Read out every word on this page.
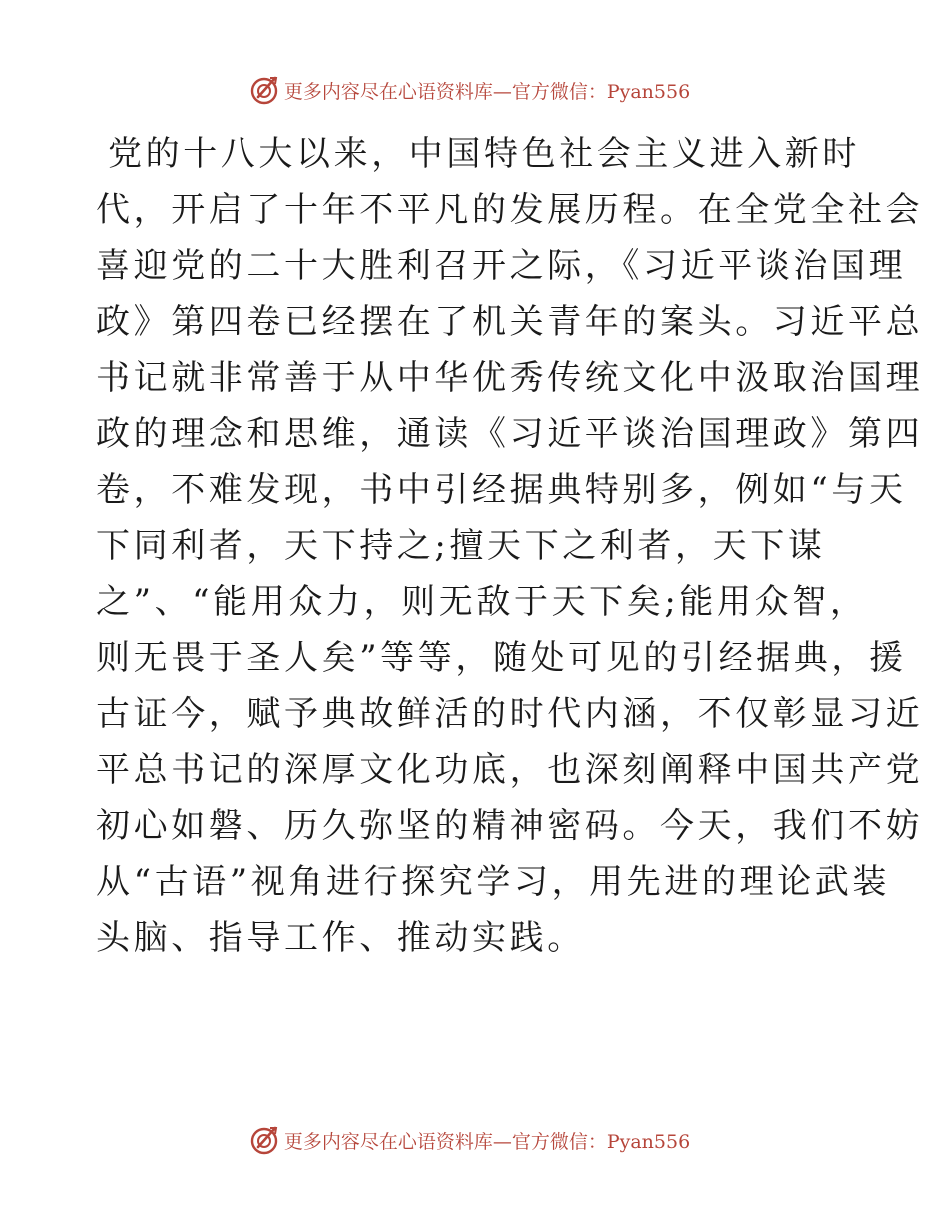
更多内容尽在心语资料库—官方微信：Pyan556
党的十八大以来，中国特色社会主义进入新时
代，开启了十年不平凡的发展历程。在全党全社会
喜迎党的二十大胜利召开之际，《习近平谈治国理
政》第四卷已经摆在了机关青年的案头。习近平总
书记就非常善于从中华优秀传统文化中汲取治国理
政的理念和思维，通读《习近平谈治国理政》第四
卷，不难发现，书中引经据典特别多，例如“与天
下同利者，天下持之;擅天下之利者，天下谋
之”、“能用众力，则无敌于天下矣;能用众智，
则无畏于圣人矣”等等，随处可见的引经据典，援
古证今，赋予典故鲜活的时代内涵，不仅彰显习近
平总书记的深厚文化功底，也深刻阐释中国共产党
初心如磐、历久弥坚的精神密码。今天，我们不妨
从“古语”视角进行探究学习，用先进的理论武装
头脑、指导工作、推动实践。
更多内容尽在心语资料库—官方微信：Pyan556
